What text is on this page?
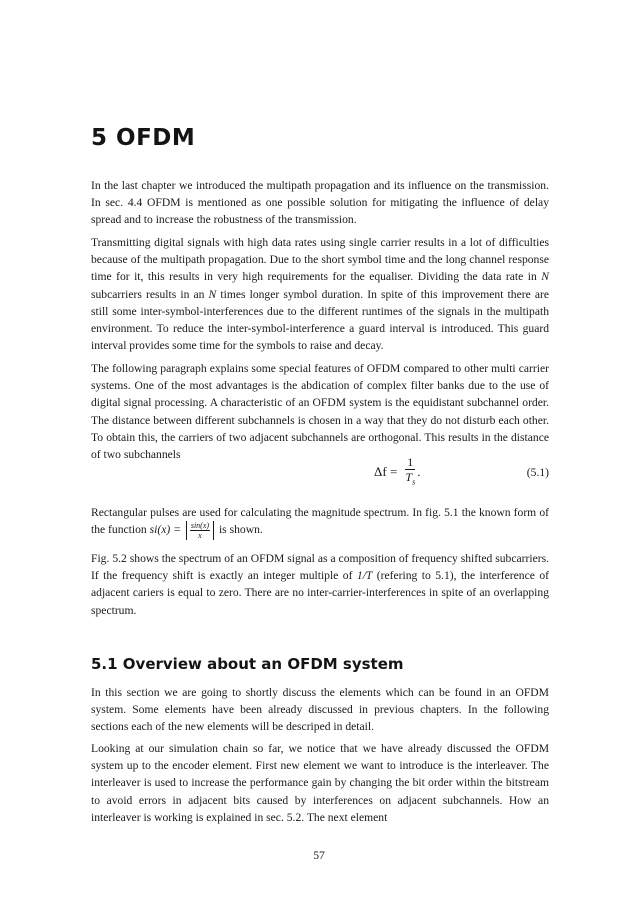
5 OFDM

In the last chapter we introduced the multipath propagation and its influence on the transmission. In sec. 4.4 OFDM is mentioned as one possible solution for mitigating the influence of delay spread and to increase the robustness of the transmission.

Transmitting digital signals with high data rates using single carrier results in a lot of difficulties because of the multipath propagation. Due to the short symbol time and the long channel response time for it, this results in very high requirements for the equaliser. Dividing the data rate in N subcarriers results in an N times longer symbol duration. In spite of this improvement there are still some inter-symbol-interferences due to the different runtimes of the signals in the multipath environment. To reduce the inter-symbol-interference a guard interval is introduced. This guard interval provides some time for the symbols to raise and decay.

The following paragraph explains some special features of OFDM compared to other multi carrier systems. One of the most advantages is the abdication of complex filter banks due to the use of digital signal processing. A characteristic of an OFDM system is the equidistant subchannel order. The distance between different subchannels is chosen in a way that they do not disturb each other. To obtain this, the carriers of two adjacent subchannels are orthogonal. This results in the distance of two subchannels

$\Delta f = \frac{1}{T_s}$ .	(5.1)

Rectangular pulses are used for calculating the magnitude spectrum. In fig. 5.1 the known form of the function $si(x) = \frac{\sin(x)}{x}$ is shown.

Fig. 5.2 shows the spectrum of an OFDM signal as a composition of frequency shifted subcarriers. If the frequency shift is exactly an integer multiple of 1/T (refering to 5.1), the interference of adjacent cariers is equal to zero. There are no inter-carrier-interferences in spite of an overlapping spectrum.

5.1 Overview about an OFDM system

In this section we are going to shortly discuss the elements which can be found in an OFDM system. Some elements have been already discussed in previous chapters. In the following sections each of the new elements will be descriped in detail.

Looking at our simulation chain so far, we notice that we have already discussed the OFDM system up to the encoder element. First new element we want to introduce is the interleaver. The interleaver is used to increase the performance gain by changing the bit order within the bitstream to avoid errors in adjacent bits caused by interferences on adjacent subchannels. How an interleaver is working is explained in sec. 5.2. The next element

57
